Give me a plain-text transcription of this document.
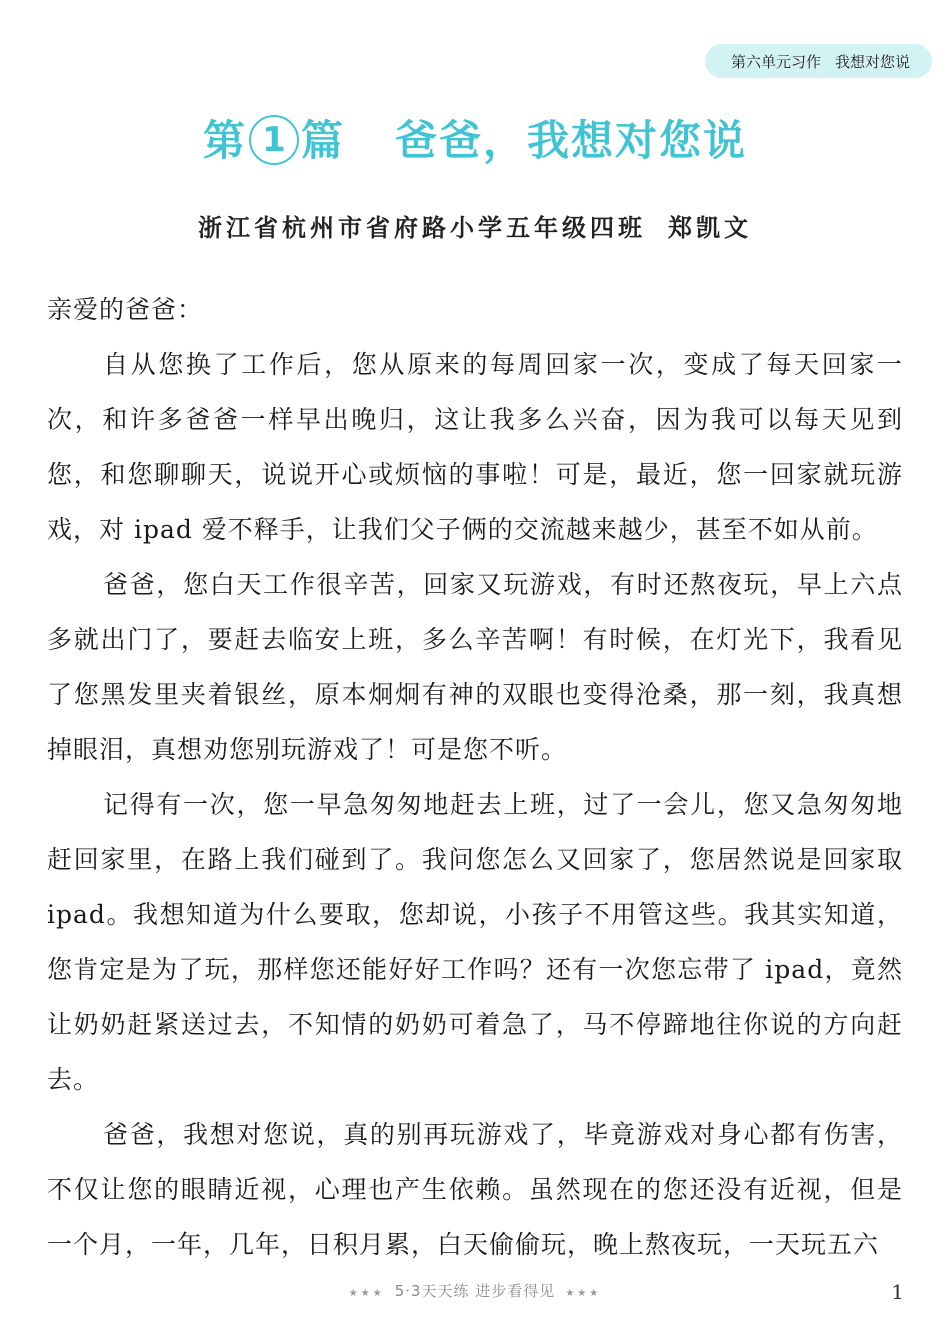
第六单元习作 我想对您说
第 1 篇 爸爸，我想对您说
浙江省杭州市省府路小学五年级四班 郑凯文

亲爱的爸爸：

自从您换了工作后，您从原来的每周回家一次，变成了每天回家一次，和许多爸爸一样早出晚归，这让我多么兴奋，因为我可以每天见到您，和您聊聊天，说说开心或烦恼的事啦！可是，最近，您一回家就玩游戏，对 ipad 爱不释手，让我们父子俩的交流越来越少，甚至不如从前。

爸爸，您白天工作很辛苦，回家又玩游戏，有时还熬夜玩，早上六点多就出门了，要赶去临安上班，多么辛苦啊！有时候，在灯光下，我看见了您黑发里夹着银丝，原本炯炯有神的双眼也变得沧桑，那一刻，我真想掉眼泪，真想劝您别玩游戏了！可是您不听。

记得有一次，您一早急匆匆地赶去上班，过了一会儿，您又急匆匆地赶回家里，在路上我们碰到了。我问您怎么又回家了，您居然说是回家取 ipad。我想知道为什么要取，您却说，小孩子不用管这些。我其实知道，您肯定是为了玩，那样您还能好好工作吗？还有一次您忘带了 ipad，竟然让奶奶赶紧送过去，不知情的奶奶可着急了，马不停蹄地往你说的方向赶去。

爸爸，我想对您说，真的别再玩游戏了，毕竟游戏对身心都有伤害，不仅让您的眼睛近视，心理也产生依赖。虽然现在的您还没有近视，但是一个月，一年，几年，日积月累，白天偷偷玩，晚上熬夜玩，一天玩五六

★★★ 5·3天天练 进步看得见 ★★★	1
